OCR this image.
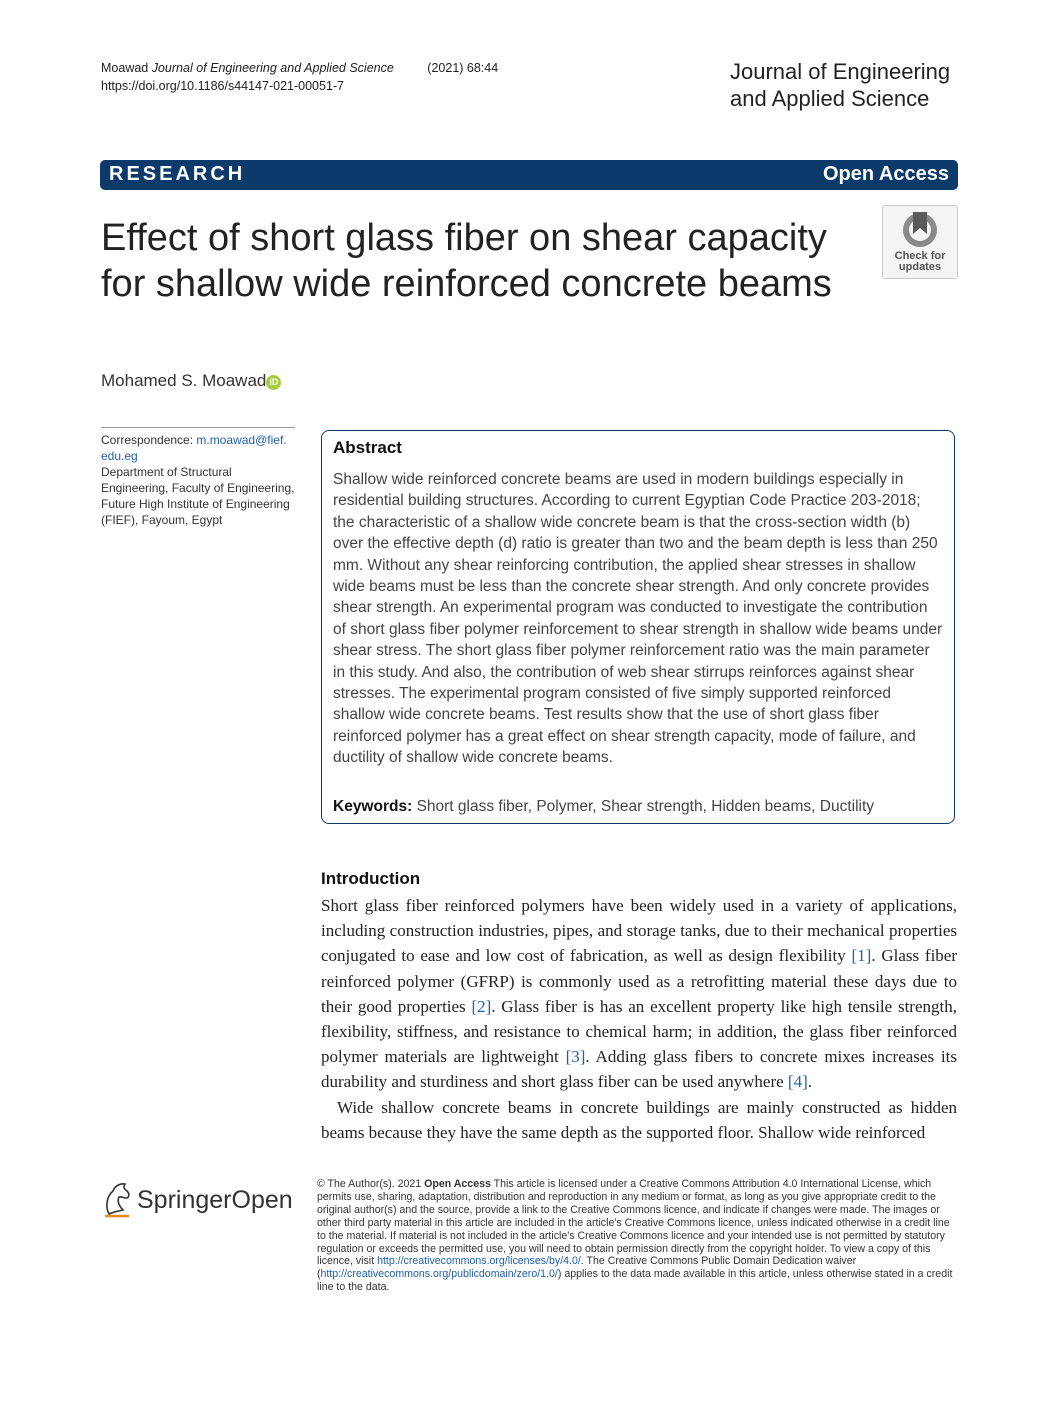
Moawad Journal of Engineering and Applied Science	(2021) 68:44
https://doi.org/10.1186/s44147-021-00051-7
Journal of Engineering
and Applied Science
RESEARCH	Open Access
Effect of short glass fiber on shear capacity for shallow wide reinforced concrete beams
Check for
updates
Mohamed S. Moawad iD
Correspondence: m.moawad@fief.
edu.eg
Department of Structural Engineering, Faculty of Engineering, Future High Institute of Engineering (FIEF), Fayoum, Egypt
Abstract
Shallow wide reinforced concrete beams are used in modern buildings especially in residential building structures. According to current Egyptian Code Practice 203-2018; the characteristic of a shallow wide concrete beam is that the cross-section width (b) over the effective depth (d) ratio is greater than two and the beam depth is less than 250 mm. Without any shear reinforcing contribution, the applied shear stresses in shallow wide beams must be less than the concrete shear strength. And only concrete provides shear strength. An experimental program was conducted to investigate the contribution of short glass fiber polymer reinforcement to shear strength in shallow wide beams under shear stress. The short glass fiber polymer reinforcement ratio was the main parameter in this study. And also, the contribution of web shear stirrups reinforces against shear stresses. The experimental program consisted of five simply supported reinforced shallow wide concrete beams. Test results show that the use of short glass fiber reinforced polymer has a great effect on shear strength capacity, mode of failure, and ductility of shallow wide concrete beams.
Keywords: Short glass fiber, Polymer, Shear strength, Hidden beams, Ductility
Introduction

Short glass fiber reinforced polymers have been widely used in a variety of applications, including construction industries, pipes, and storage tanks, due to their mechanical properties conjugated to ease and low cost of fabrication, as well as design flexibility [1]. Glass fiber reinforced polymer (GFRP) is commonly used as a retrofitting material these days due to their good properties [2]. Glass fiber is has an excellent property like high tensile strength, flexibility, stiffness, and resistance to chemical harm; in addition, the glass fiber reinforced polymer materials are lightweight [3]. Adding glass fibers to concrete mixes increases its durability and sturdiness and short glass fiber can be used anywhere [4].

Wide shallow concrete beams in concrete buildings are mainly constructed as hidden beams because they have the same depth as the supported floor. Shallow wide reinforced

SpringerOpen
© The Author(s). 2021 Open Access This article is licensed under a Creative Commons Attribution 4.0 International License, which permits use, sharing, adaptation, distribution and reproduction in any medium or format, as long as you give appropriate credit to the original author(s) and the source, provide a link to the Creative Commons licence, and indicate if changes were made. The images or other third party material in this article are included in the article's Creative Commons licence, unless indicated otherwise in a credit line to the material. If material is not included in the article's Creative Commons licence and your intended use is not permitted by statutory regulation or exceeds the permitted use, you will need to obtain permission directly from the copyright holder. To view a copy of this licence, visit http://creativecommons.org/licenses/by/4.0/. The Creative Commons Public Domain Dedication waiver (http://creativecommons.org/publicdomain/zero/1.0/) applies to the data made available in this article, unless otherwise stated in a credit line to the data.
